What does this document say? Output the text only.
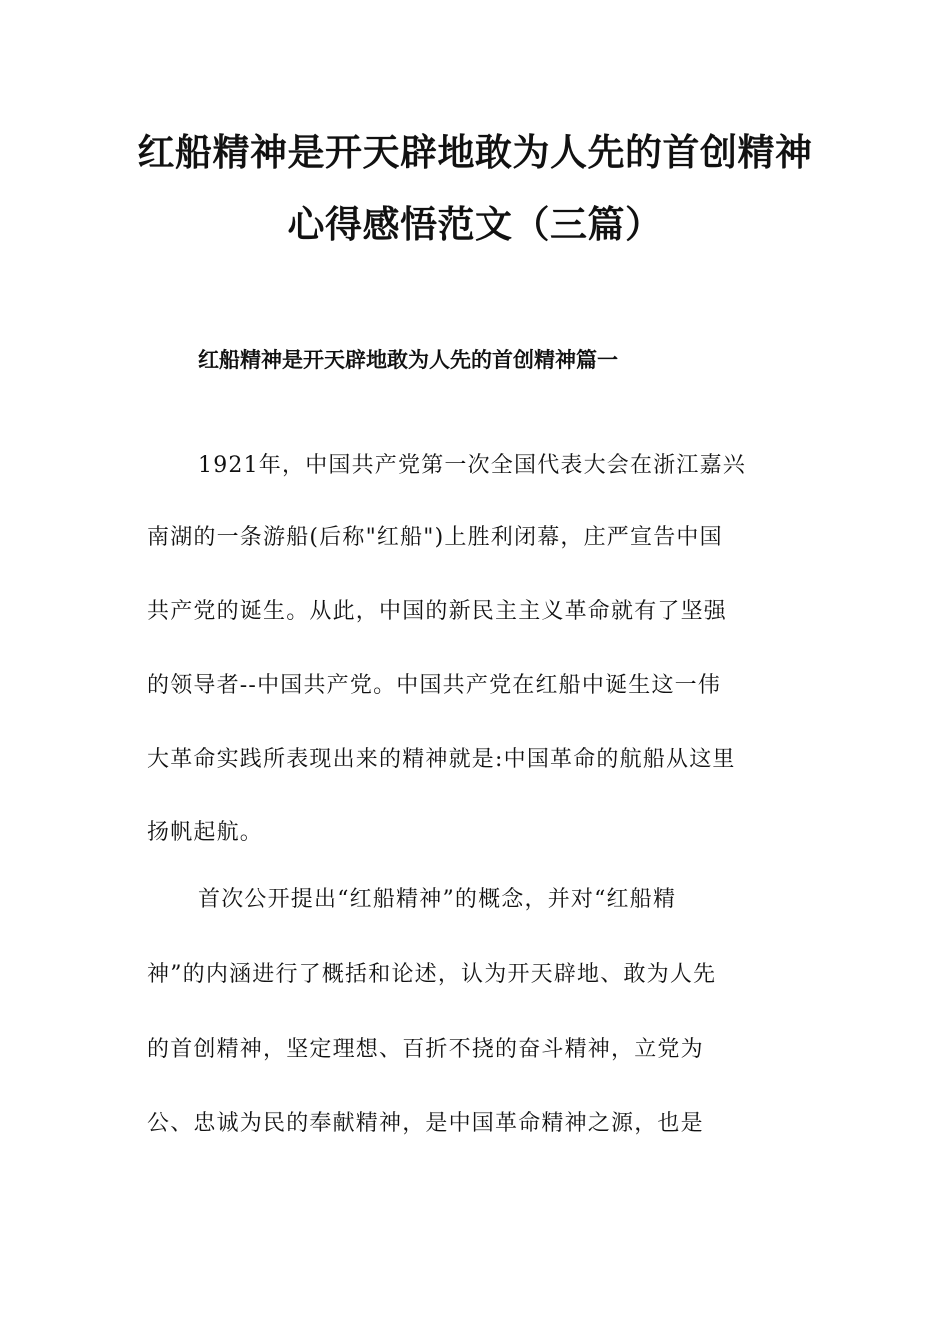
红船精神是开天辟地敢为人先的首创精神
心得感悟范文（三篇）
红船精神是开天辟地敢为人先的首创精神篇一
1921年，中国共产党第一次全国代表大会在浙江嘉兴
南湖的一条游船(后称"红船")上胜利闭幕，庄严宣告中国
共产党的诞生。从此，中国的新民主主义革命就有了坚强
的领导者--中国共产党。中国共产党在红船中诞生这一伟
大革命实践所表现出来的精神就是:中国革命的航船从这里
扬帆起航。
首次公开提出“红船精神”的概念，并对“红船精
神”的内涵进行了概括和论述，认为开天辟地、敢为人先
的首创精神，坚定理想、百折不挠的奋斗精神，立党为
公、忠诚为民的奉献精神，是中国革命精神之源，也是
